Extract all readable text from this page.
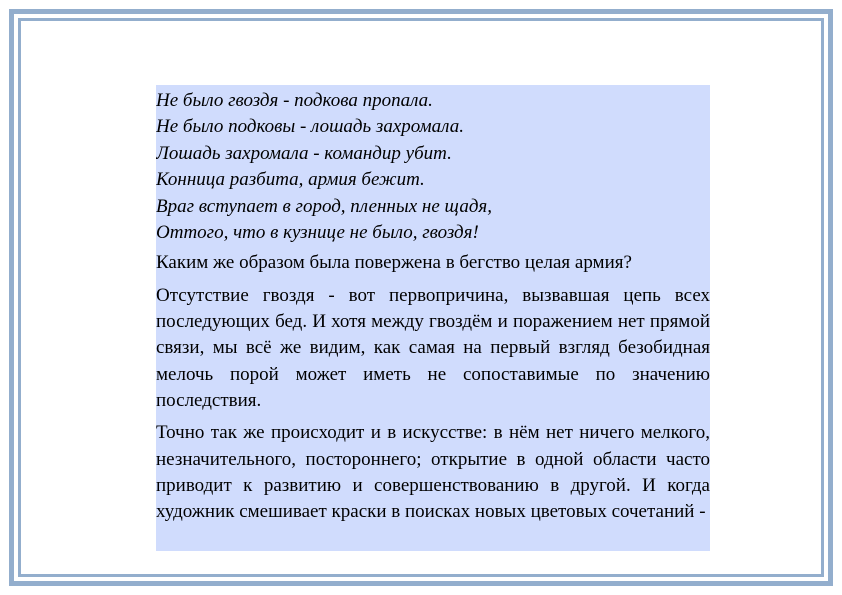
Не было гвоздя - подкова пропала.
Не было подковы - лошадь захромала.
Лошадь захромала - командир убит.
Конница разбита, армия бежит.
Враг вступает в город, пленных не щадя,
Оттого, что в кузнице не было, гвоздя!

Каким же образом была повержена в бегство целая армия?

Отсутствие гвоздя - вот первопричина, вызвавшая цепь всех последующих бед. И хотя между гвоздём и поражением нет прямой связи, мы всё же видим, как самая на первый взгляд безобидная мелочь порой может иметь не сопоставимые по значению последствия.

Точно так же происходит и в искусстве: в нём нет ничего мелкого, незначительного, постороннего; открытие в одной области часто приводит к развитию и совершенствованию в другой. И когда художник смешивает краски в поисках новых цветовых сочетаний -
